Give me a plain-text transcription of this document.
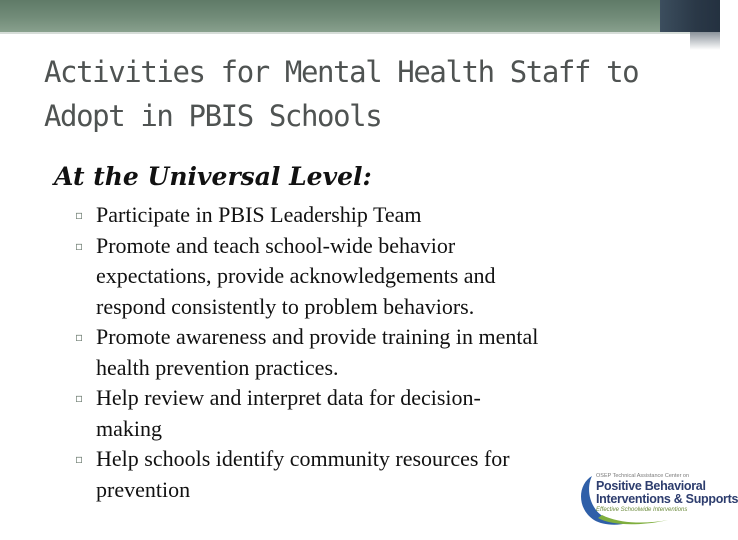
Activities for Mental Health Staff to
Adopt in PBIS Schools
At the Universal Level:
▫ Participate in PBIS Leadership Team
▫ Promote and teach school-wide behavior
expectations, provide acknowledgements and
respond consistently to problem behaviors.
▫ Promote awareness and provide training in mental
health prevention practices.
▫ Help review and interpret data for decision-
making
▫ Help schools identify community resources for
prevention
OSEP Technical Assistance Center on
Positive Behavioral
Interventions & Supports
Effective Schoolwide Interventions
